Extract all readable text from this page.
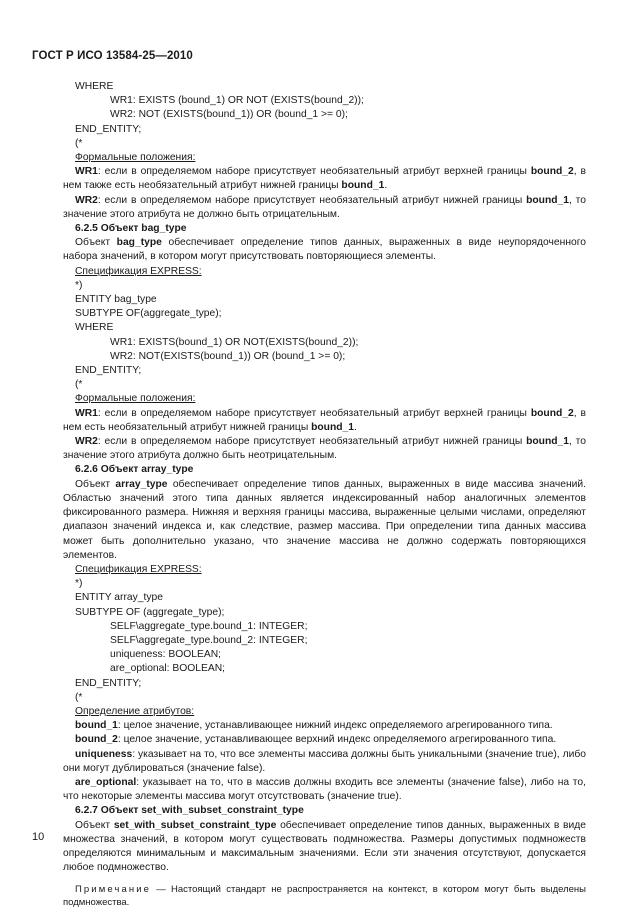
ГОСТ Р ИСО 13584-25—2010
WHERE
WR1: EXISTS (bound_1) OR NOT (EXISTS(bound_2));
WR2: NOT (EXISTS(bound_1)) OR (bound_1 >= 0);
END_ENTITY;
(*
Формальные положения:
WR1: если в определяемом наборе присутствует необязательный атрибут верхней границы bound_2, в нем также есть необязательный атрибут нижней границы bound_1.
WR2: если в определяемом наборе присутствует необязательный атрибут нижней границы bound_1, то значение этого атрибута не должно быть отрицательным.
6.2.5 Объект bag_type
Объект bag_type обеспечивает определение типов данных, выраженных в виде неупорядоченного набора значений, в котором могут присутствовать повторяющиеся элементы.
Спецификация EXPRESS:
*)
ENTITY bag_type
SUBTYPE OF(aggregate_type);
WHERE
WR1: EXISTS(bound_1) OR NOT(EXISTS(bound_2));
WR2: NOT(EXISTS(bound_1)) OR (bound_1 >= 0);
END_ENTITY;
(*
Формальные положения:
WR1: если в определяемом наборе присутствует необязательный атрибут верхней границы bound_2, в нем есть необязательный атрибут нижней границы bound_1.
WR2: если в определяемом наборе присутствует необязательный атрибут нижней границы bound_1, то значение этого атрибута должно быть неотрицательным.
6.2.6 Объект array_type
Объект array_type обеспечивает определение типов данных, выраженных в виде массива значений. Областью значений этого типа данных является индексированный набор аналогичных элементов фиксированного размера. Нижняя и верхняя границы массива, выраженные целыми числами, определяют диапазон значений индекса и, как следствие, размер массива. При определении типа данных массива может быть дополнительно указано, что значение массива не должно содержать повторяющихся элементов.
Спецификация EXPRESS:
*)
ENTITY array_type
SUBTYPE OF (aggregate_type);
SELF\aggregate_type.bound_1: INTEGER;
SELF\aggregate_type.bound_2: INTEGER;
uniqueness: BOOLEAN;
are_optional: BOOLEAN;
END_ENTITY;
(*
Определение атрибутов:
bound_1: целое значение, устанавливающее нижний индекс определяемого агрегированного типа.
bound_2: целое значение, устанавливающее верхний индекс определяемого агрегированного типа.
uniqueness: указывает на то, что все элементы массива должны быть уникальными (значение true), либо они могут дублироваться (значение false).
are_optional: указывает на то, что в массив должны входить все элементы (значение false), либо на то, что некоторые элементы массива могут отсутствовать (значение true).
6.2.7 Объект set_with_subset_constraint_type
Объект set_with_subset_constraint_type обеспечивает определение типов данных, выраженных в виде множества значений, в котором могут существовать подмножества. Размеры допустимых подмножеств определяются минимальным и максимальным значениями. Если эти значения отсутствуют, допускается любое подмножество.
Примечание — Настоящий стандарт не распространяется на контекст, в котором могут быть выделены подмножества.
10
